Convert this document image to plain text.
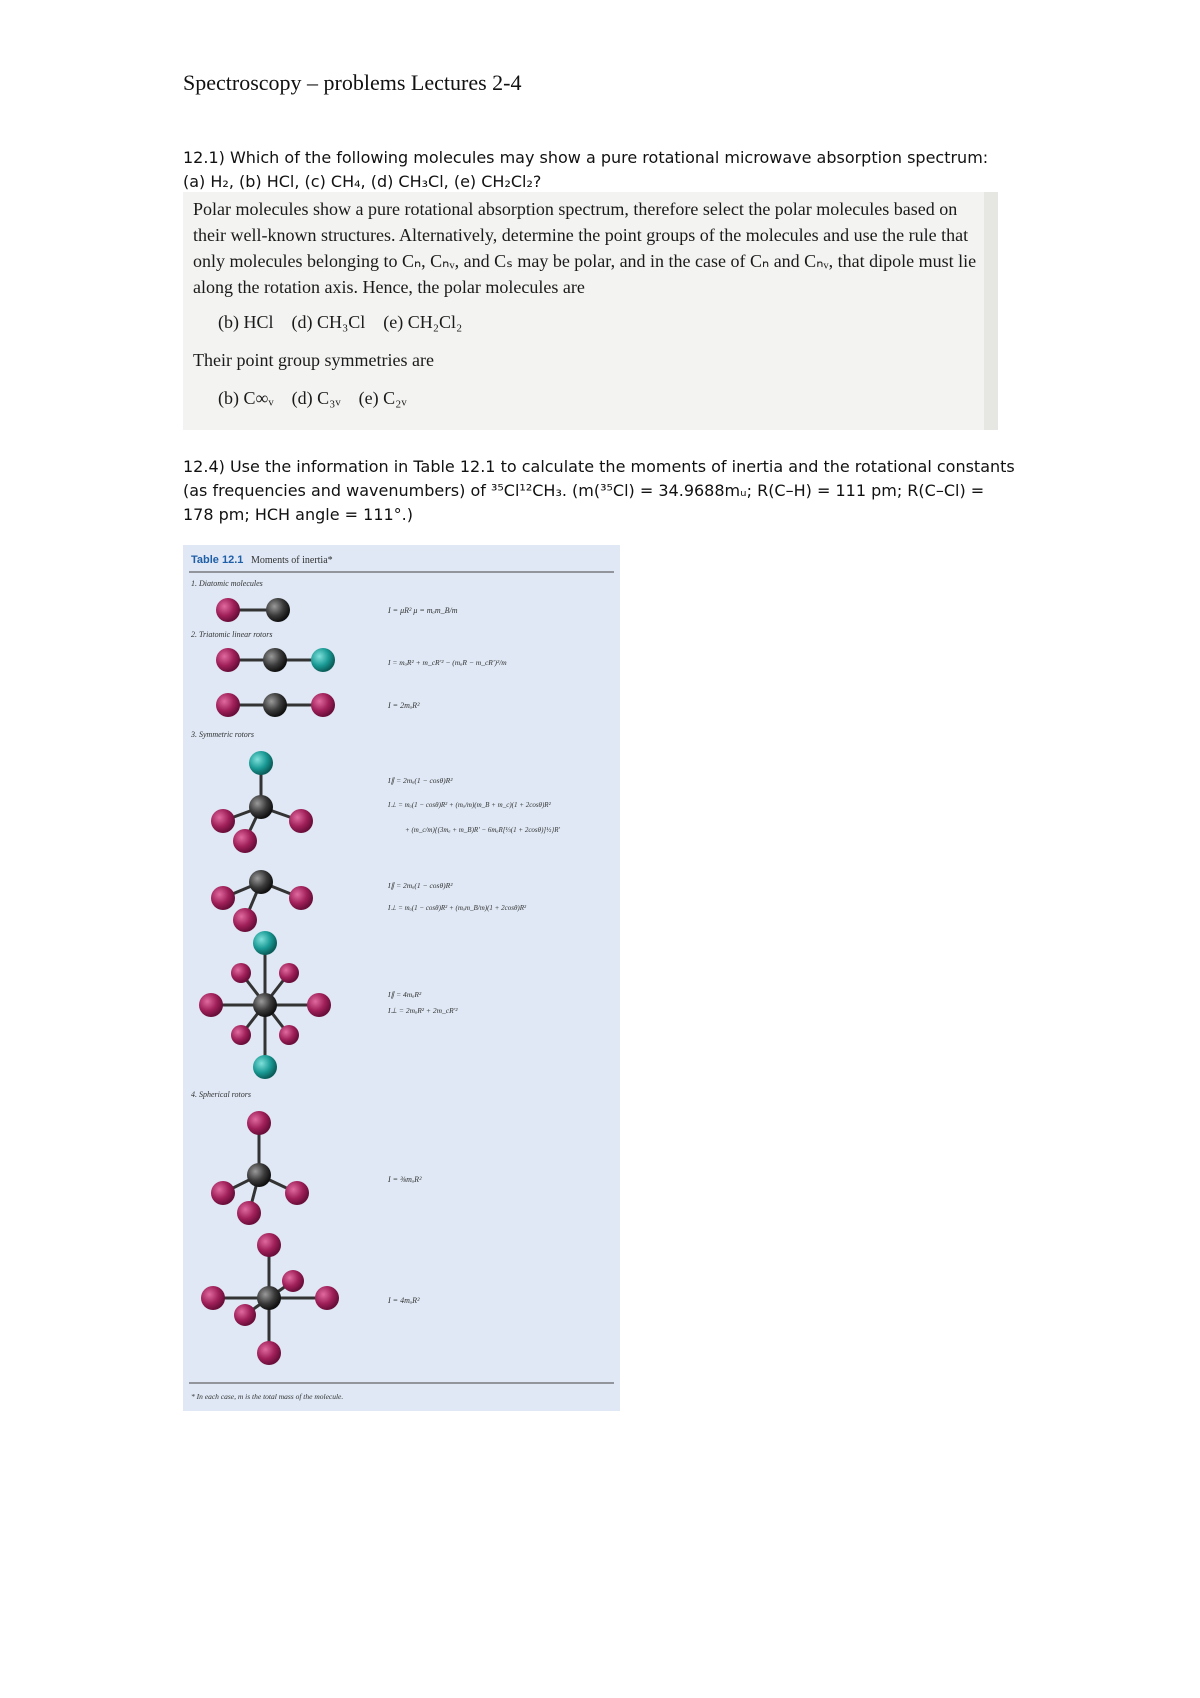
Spectroscopy – problems Lectures 2-4
12.1) Which of the following molecules may show a pure rotational microwave absorption spectrum:
(a) H₂, (b) HCl, (c) CH₄, (d) CH₃Cl, (e) CH₂Cl₂?
Polar molecules show a pure rotational absorption spectrum, therefore select the polar molecules based on their well-known structures. Alternatively, determine the point groups of the molecules and use the rule that only molecules belonging to Cₙ, Cₙᵥ, and Cₛ may be polar, and in the case of Cₙ and Cₙᵥ, that dipole must lie along the rotation axis. Hence, the polar molecules are
(b) HCl    (d) CH₃Cl    (e) CH₂Cl₂
Their point group symmetries are
(b) C∞ᵥ    (d) C₃ᵥ    (e) C₂ᵥ
12.4) Use the information in Table 12.1 to calculate the moments of inertia and the rotational constants
(as frequencies and wavenumbers) of ³⁵Cl¹²CH₃. (m(³⁵Cl) = 34.9688mᵤ; R(C–H) = 111 pm; R(C–Cl) =
178 pm; HCH angle = 111°.)
Table 12.1 Moments of inertia*
1. Diatomic molecules
I = μR² μ = mₐm_B/m
2. Triatomic linear rotors
I = mₐR² + m_cR'² − (mₐR − m_cR')²/m
I = 2mₐR²
3. Symmetric rotors
I∥ = 2mₐ(1 − cosθ)R²
I⊥ = mₐ(1 − cosθ)R² + (mₐ/m)(m_B + m_c)(1 + 2cosθ)R²
+ (m_c/m){(3mₐ + m_B)R' − 6mₐR[⅓(1 + 2cosθ)]½}R'
I∥ = 2mₐ(1 − cosθ)R²
I⊥ = mₐ(1 − cosθ)R² + (mₐm_B/m)(1 + 2cosθ)R²
I∥ = 4mₐR²
I⊥ = 2mₐR² + 2m_cR'²
4. Spherical rotors
I = ⅜mₐR²
I = 4mₐR²
* In each case, m is the total mass of the molecule.
